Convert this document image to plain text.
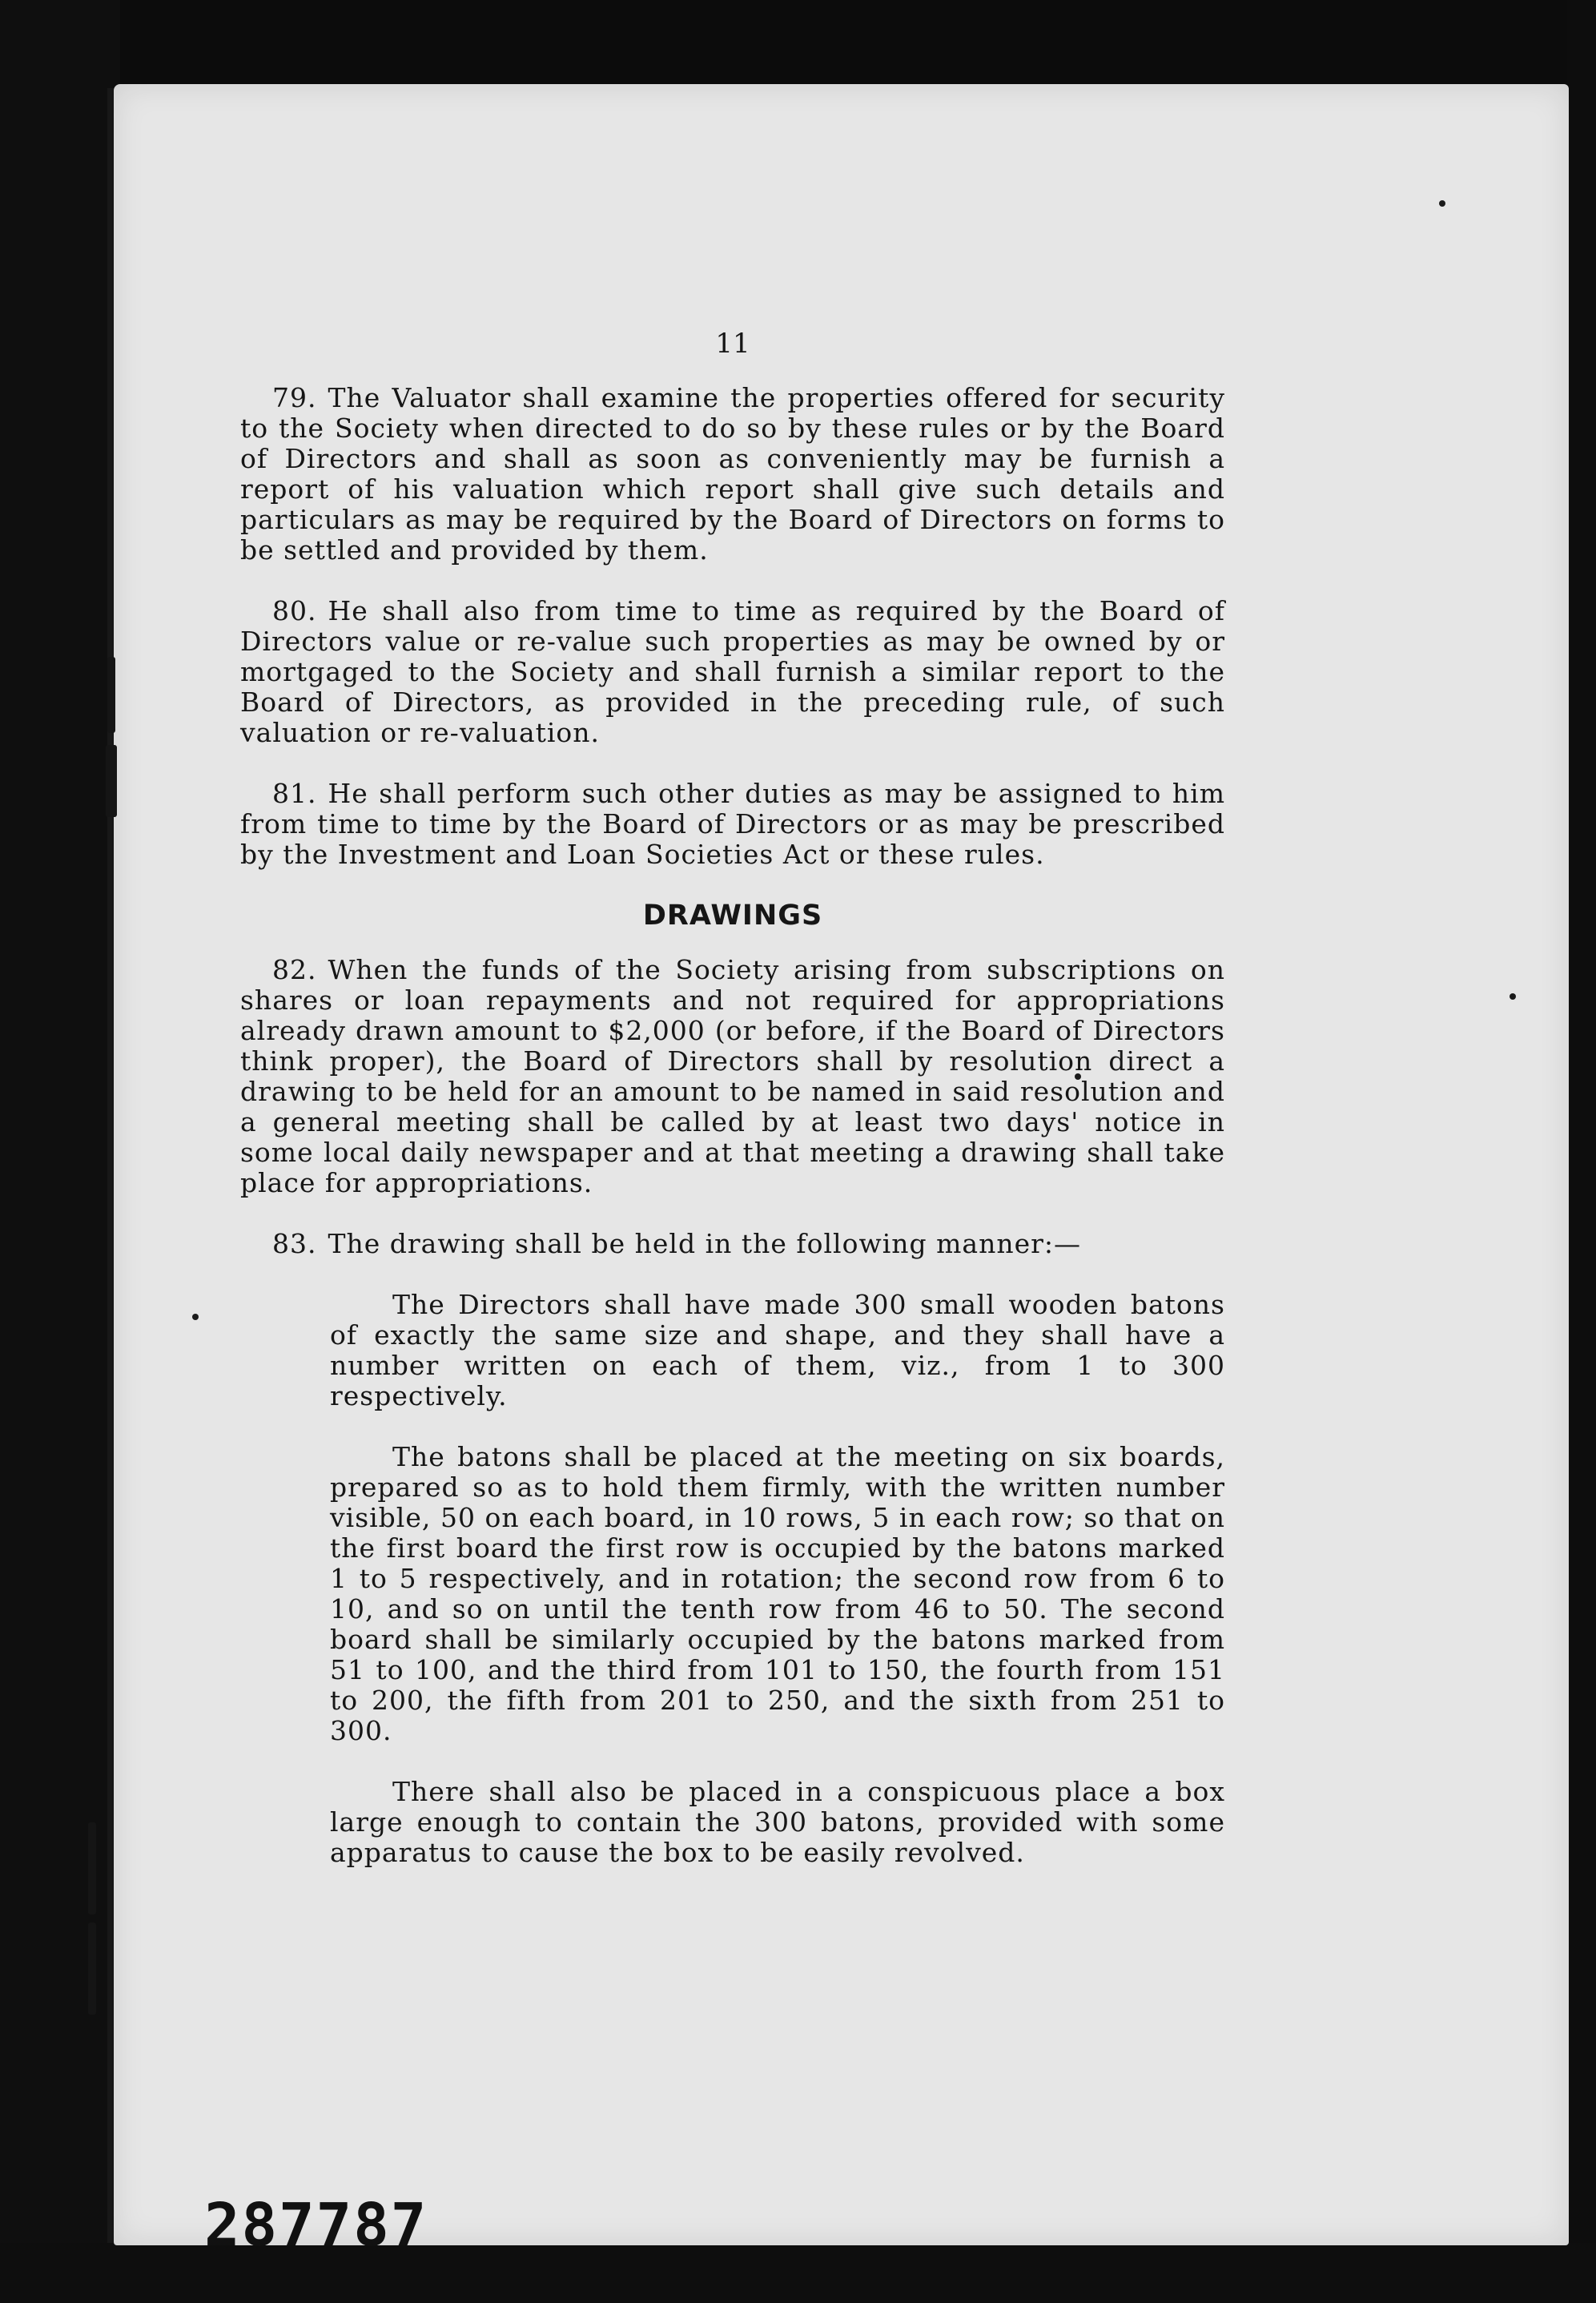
11

79. The Valuator shall examine the properties offered for security to the Society when directed to do so by these rules or by the Board of Directors and shall as soon as conveniently may be furnish a report of his valuation which report shall give such details and particulars as may be required by the Board of Directors on forms to be settled and provided by them.

80. He shall also from time to time as required by the Board of Directors value or re-value such properties as may be owned by or mortgaged to the Society and shall furnish a similar report to the Board of Directors, as provided in the preceding rule, of such valuation or re-valuation.

81. He shall perform such other duties as may be assigned to him from time to time by the Board of Directors or as may be prescribed by the Investment and Loan Societies Act or these rules.

DRAWINGS

82. When the funds of the Society arising from subscriptions on shares or loan repayments and not required for appropriations already drawn amount to $2,000 (or before, if the Board of Directors think proper), the Board of Directors shall by resolution direct a drawing to be held for an amount to be named in said resolution and a general meeting shall be called by at least two days' notice in some local daily newspaper and at that meeting a drawing shall take place for appropriations.

83. The drawing shall be held in the following manner:—

The Directors shall have made 300 small wooden batons of exactly the same size and shape, and they shall have a number written on each of them, viz., from 1 to 300 respectively.

The batons shall be placed at the meeting on six boards, prepared so as to hold them firmly, with the written number visible, 50 on each board, in 10 rows, 5 in each row; so that on the first board the first row is occupied by the batons marked 1 to 5 respectively, and in rotation; the second row from 6 to 10, and so on until the tenth row from 46 to 50. The second board shall be similarly occupied by the batons marked from 51 to 100, and the third from 101 to 150, the fourth from 151 to 200, the fifth from 201 to 250, and the sixth from 251 to 300.

There shall also be placed in a conspicuous place a box large enough to contain the 300 batons, provided with some apparatus to cause the box to be easily revolved.

287787
